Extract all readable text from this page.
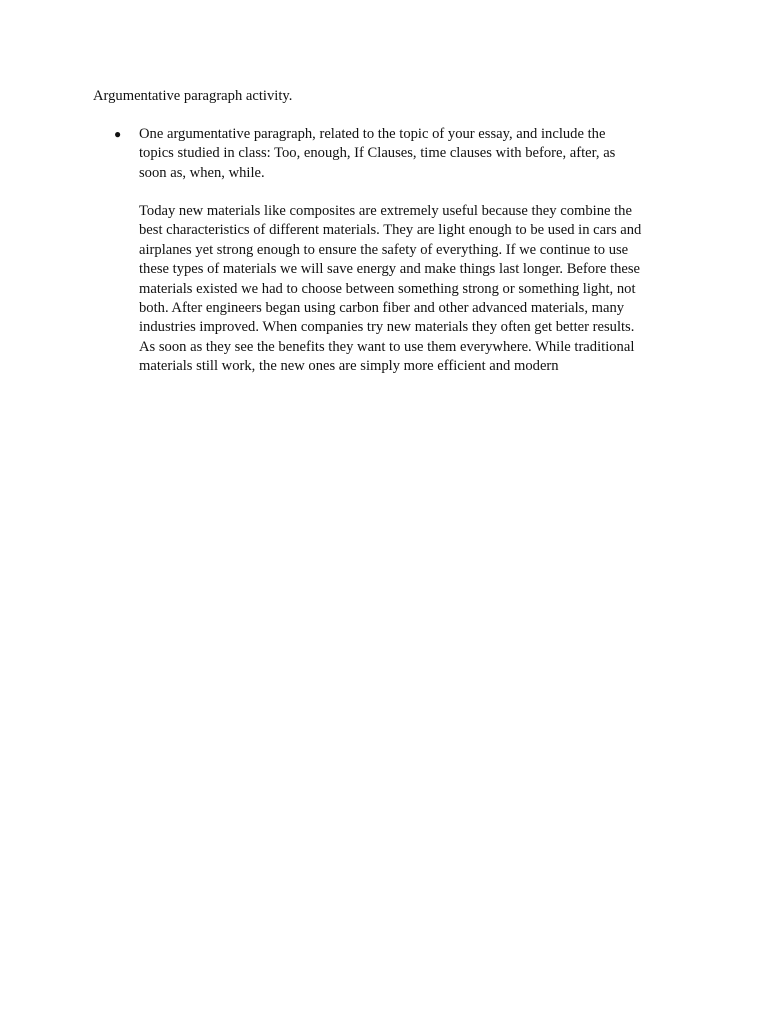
Argumentative paragraph activity.
● One argumentative paragraph, related to the topic of your essay, and include the
topics studied in class: Too, enough, If Clauses, time clauses with before, after, as
soon as, when, while.
Today new materials like composites are extremely useful because they combine the
best characteristics of different materials. They are light enough to be used in cars and
airplanes yet strong enough to ensure the safety of everything. If we continue to use
these types of materials we will save energy and make things last longer. Before these
materials existed we had to choose between something strong or something light, not
both. After engineers began using carbon fiber and other advanced materials, many
industries improved. When companies try new materials they often get better results.
As soon as they see the benefits they want to use them everywhere. While traditional
materials still work, the new ones are simply more efficient and modern
